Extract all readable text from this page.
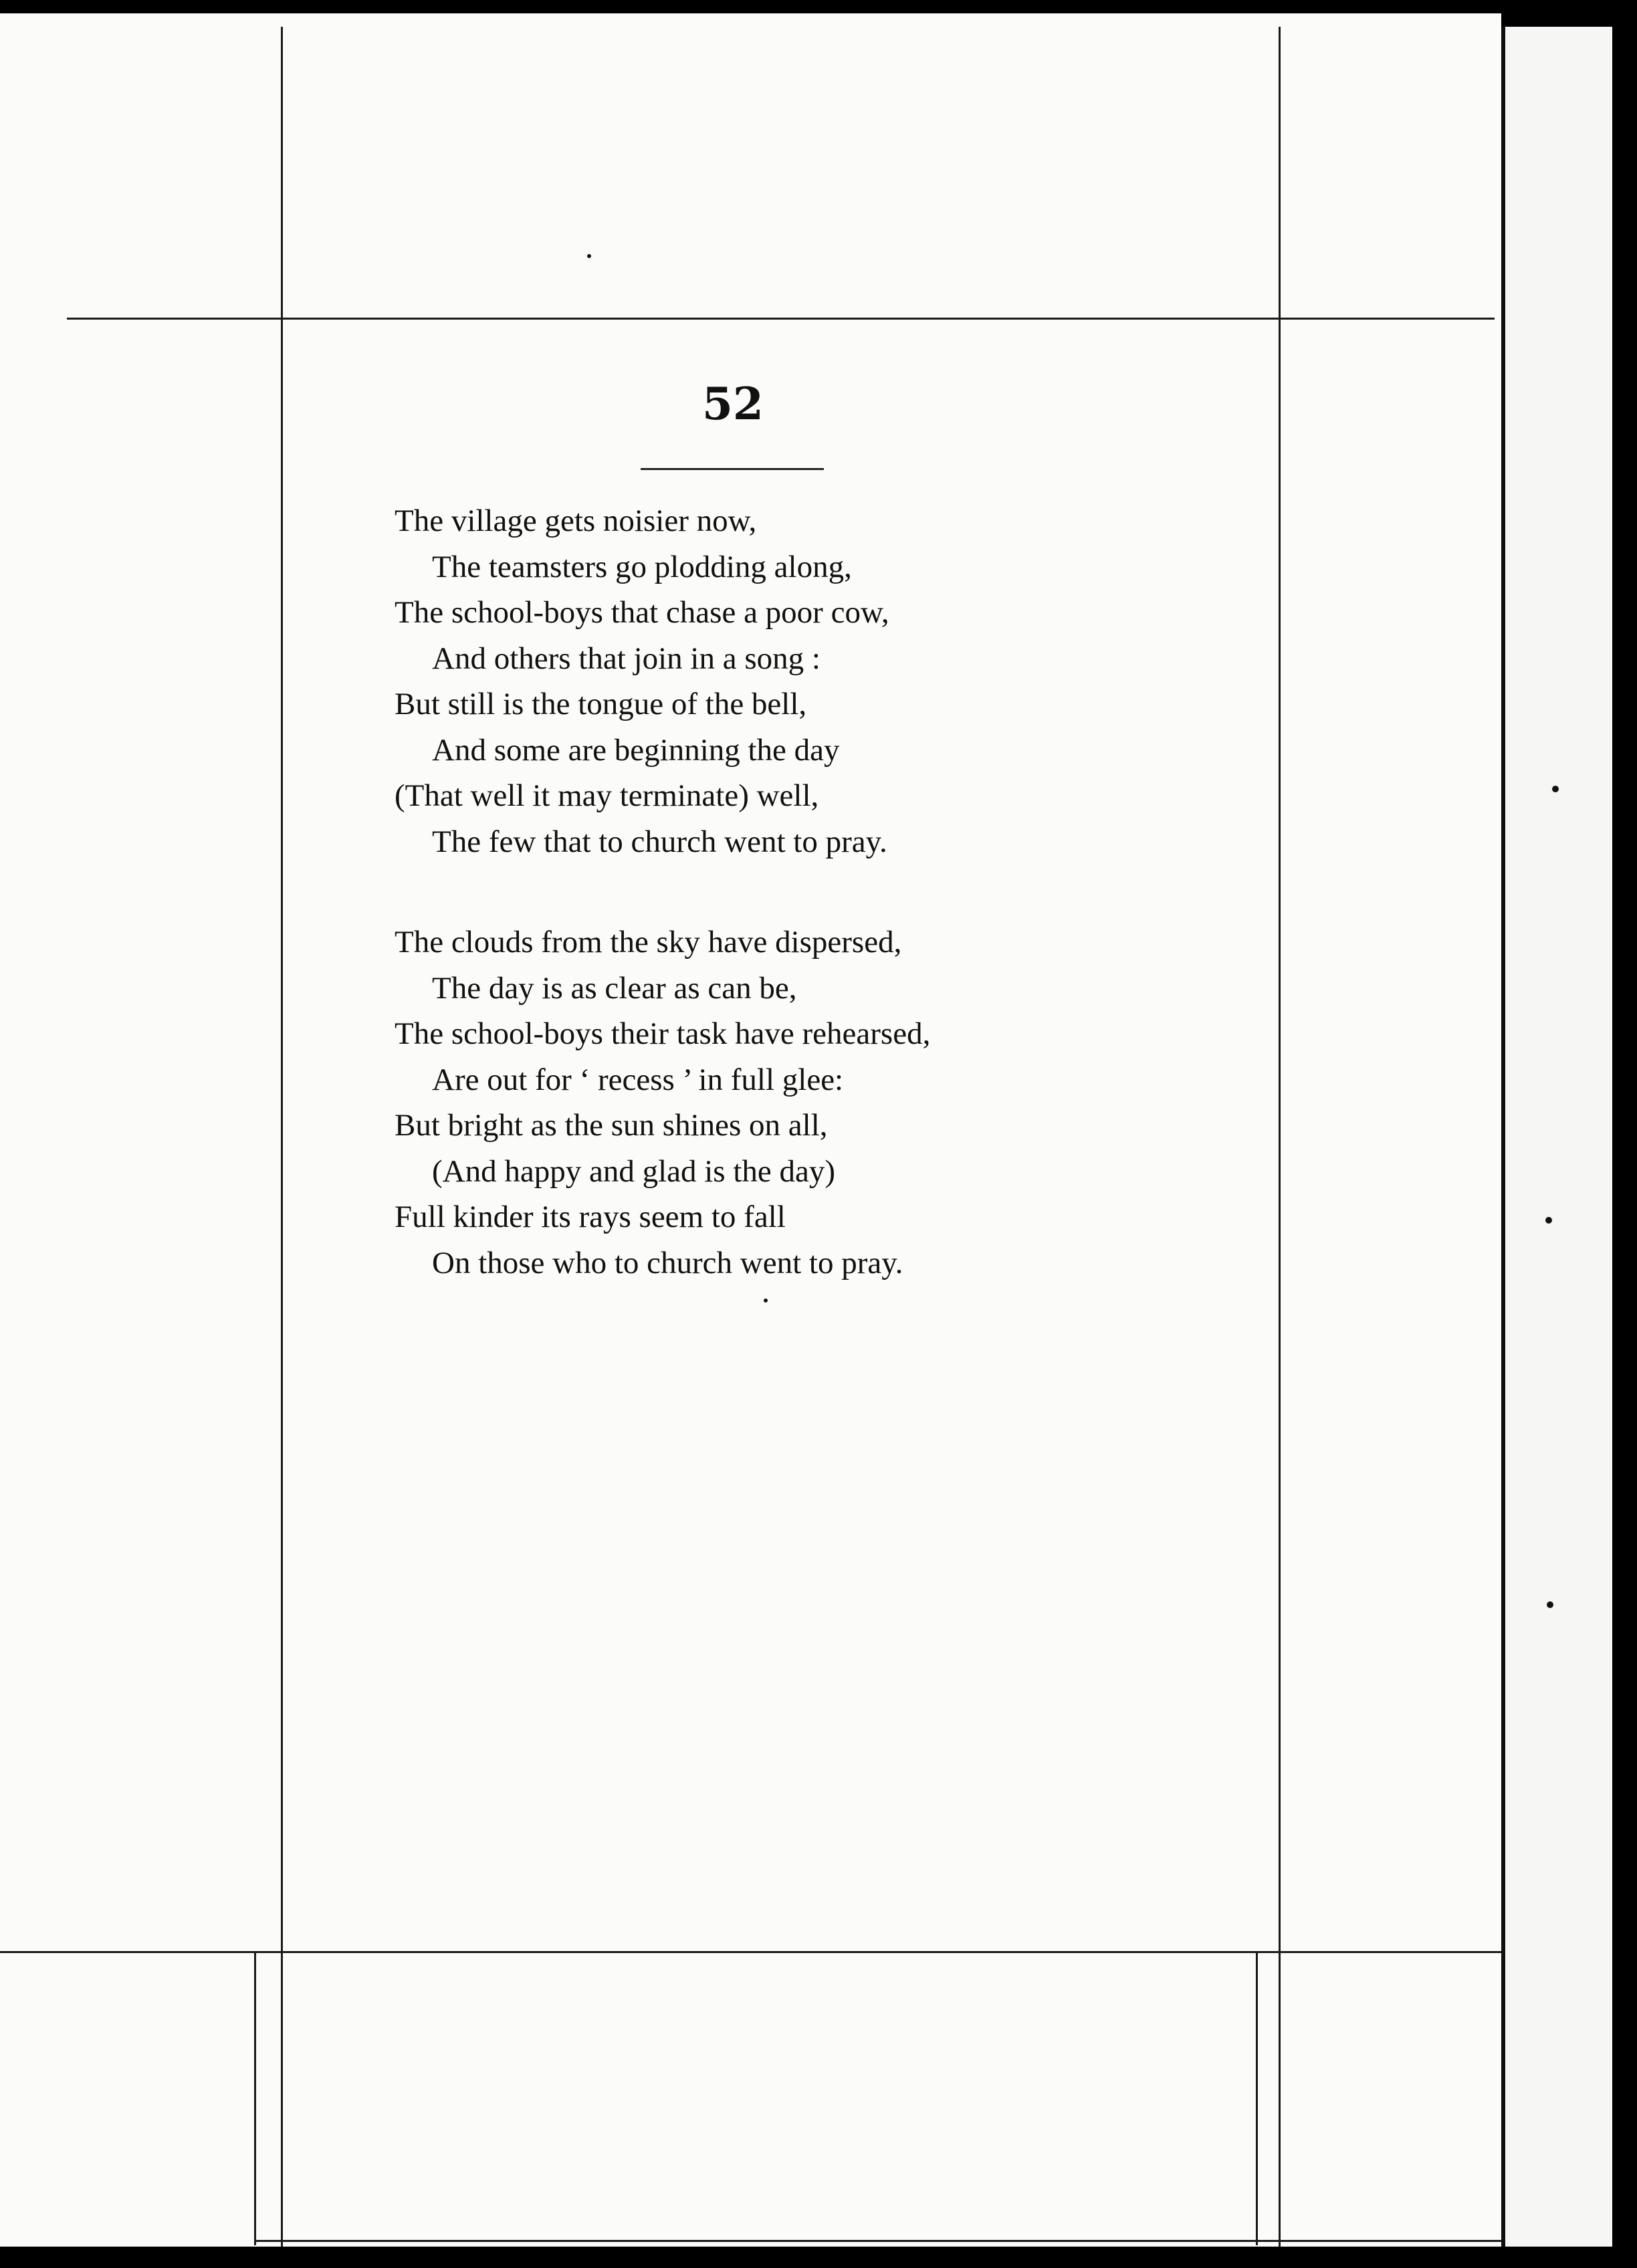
52
The village gets noisier now,
The teamsters go plodding along,
The school-boys that chase a poor cow,
And others that join in a song :
But still is the tongue of the bell,
And some are beginning the day
(That well it may terminate) well,
The few that to church went to pray.
The clouds from the sky have dispersed,
The day is as clear as can be,
The school-boys their task have rehearsed,
Are out for ‘ recess ’ in full glee:
But bright as the sun shines on all,
(And happy and glad is the day)
Full kinder its rays seem to fall
On those who to church went to pray.
